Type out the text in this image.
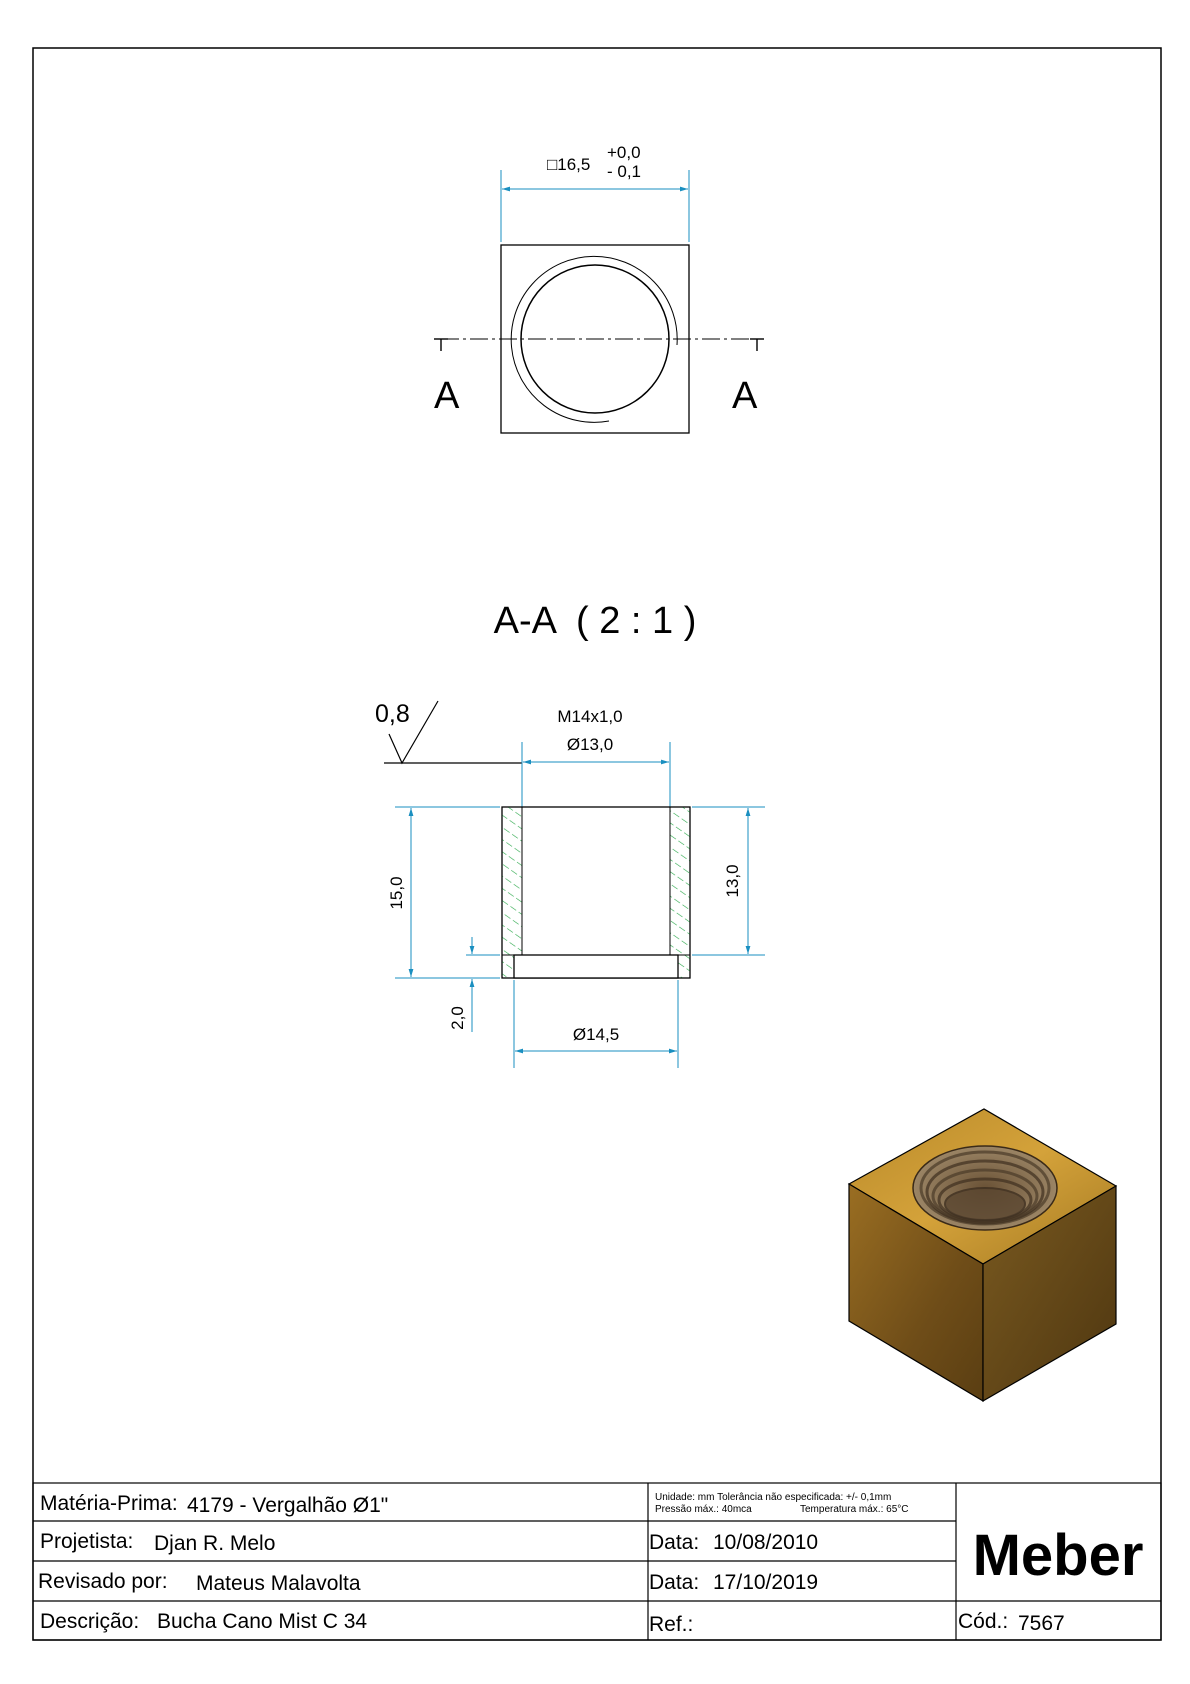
□16,5
+0,0
- 0,1
A	A
A-A  ( 2 : 1 )
0,8	M14x1,0
Ø13,0
15,0	13,0
2,0
Ø14,5
Matéria-Prima: 4179 - Vergalhão Ø1"	Unidade: mm Tolerância não especificada: +/- 0,1mm
Pressão máx.: 40mca	Temperatura máx.: 65°C
Projetista: Djan R. Melo	Data: 10/08/2010
Revisado por: Mateus Malavolta	Data: 17/10/2019
Descrição: Bucha Cano Mist C 34	Ref.:
Meber
Cód.: 7567
